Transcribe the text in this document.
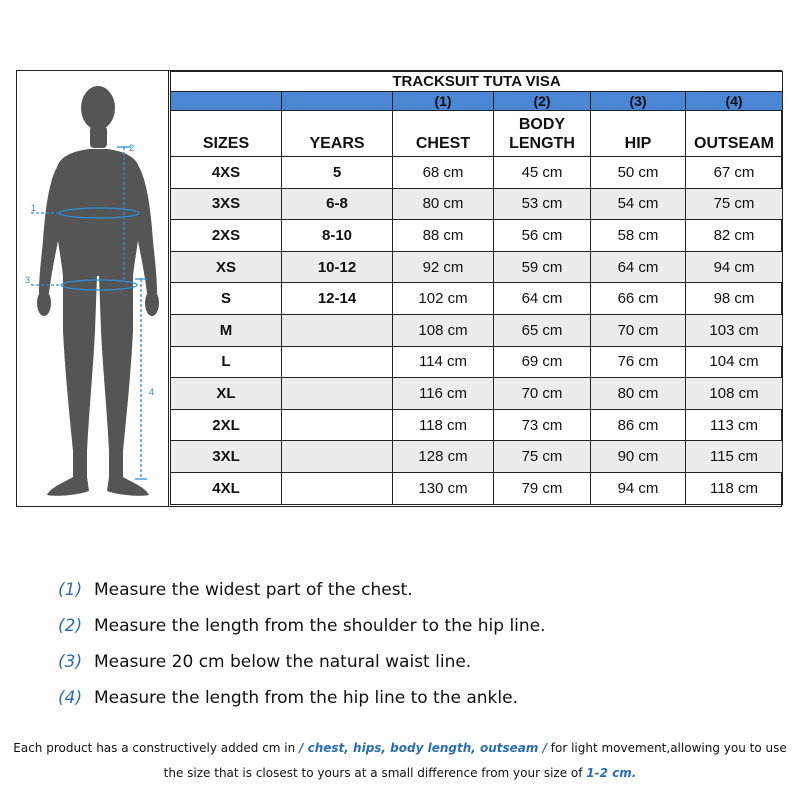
1
2
3
4
TRACKSUIT TUTA VISA					
		(1)	(2)	(3)	(4)
SIZES	YEARS	CHEST	BODY LENGTH	HIP	OUTSEAM
4XS	5	68 cm	45 cm	50 cm	67 cm
3XS	6-8	80 cm	53 cm	54 cm	75 cm
2XS	8-10	88 cm	56 cm	58 cm	82 cm
XS	10-12	92 cm	59 cm	64 cm	94 cm
S	12-14	102 cm	64 cm	66 cm	98 cm
M		108 cm	65 cm	70 cm	103 cm
L		114 cm	69 cm	76 cm	104 cm
XL		116 cm	70 cm	80 cm	108 cm
2XL		118 cm	73 cm	86 cm	113 cm
3XL		128 cm	75 cm	90 cm	115 cm
4XL		130 cm	79 cm	94 cm	118 cm
(1) Measure the widest part of the chest.
(2) Measure the length from the shoulder to the hip line.
(3) Measure 20 cm below the natural waist line.
(4) Measure the length from the hip line to the ankle.
Each product has a constructively added cm in / chest, hips, body length, outseam / for light movement,allowing you to use
the size that is closest to yours at a small difference from your size of 1-2 cm.
